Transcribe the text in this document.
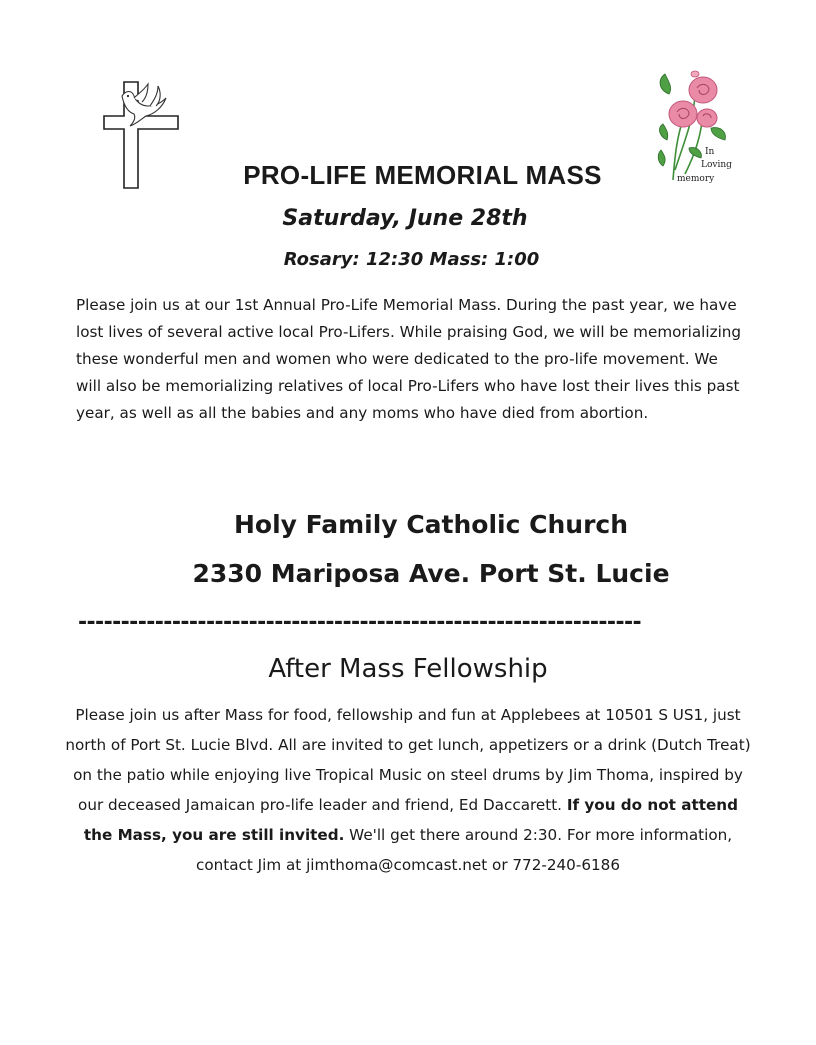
In
Loving
memory
PRO-LIFE MEMORIAL MASS

Saturday, June 28th

Rosary: 12:30 Mass: 1:00

Please join us at our 1st Annual Pro-Life Memorial Mass. During the past year, we have lost lives of several active local Pro-Lifers. While praising God, we will be memorializing these wonderful men and women who were dedicated to the pro-life movement. We will also be memorializing relatives of local Pro-Lifers who have lost their lives this past year, as well as all the babies and any moms who have died from abortion.

Holy Family Catholic Church

2330 Mariposa Ave. Port St. Lucie

------------------------------------------------------------------
After Mass Fellowship

Please join us after Mass for food, fellowship and fun at Applebees at 10501 S US1, just north of Port St. Lucie Blvd. All are invited to get lunch, appetizers or a drink (Dutch Treat) on the patio while enjoying live Tropical Music on steel drums by Jim Thoma, inspired by our deceased Jamaican pro-life leader and friend, Ed Daccarett. If you do not attend the Mass, you are still invited. We'll get there around 2:30. For more information, contact Jim at jimthoma@comcast.net or 772-240-6186
